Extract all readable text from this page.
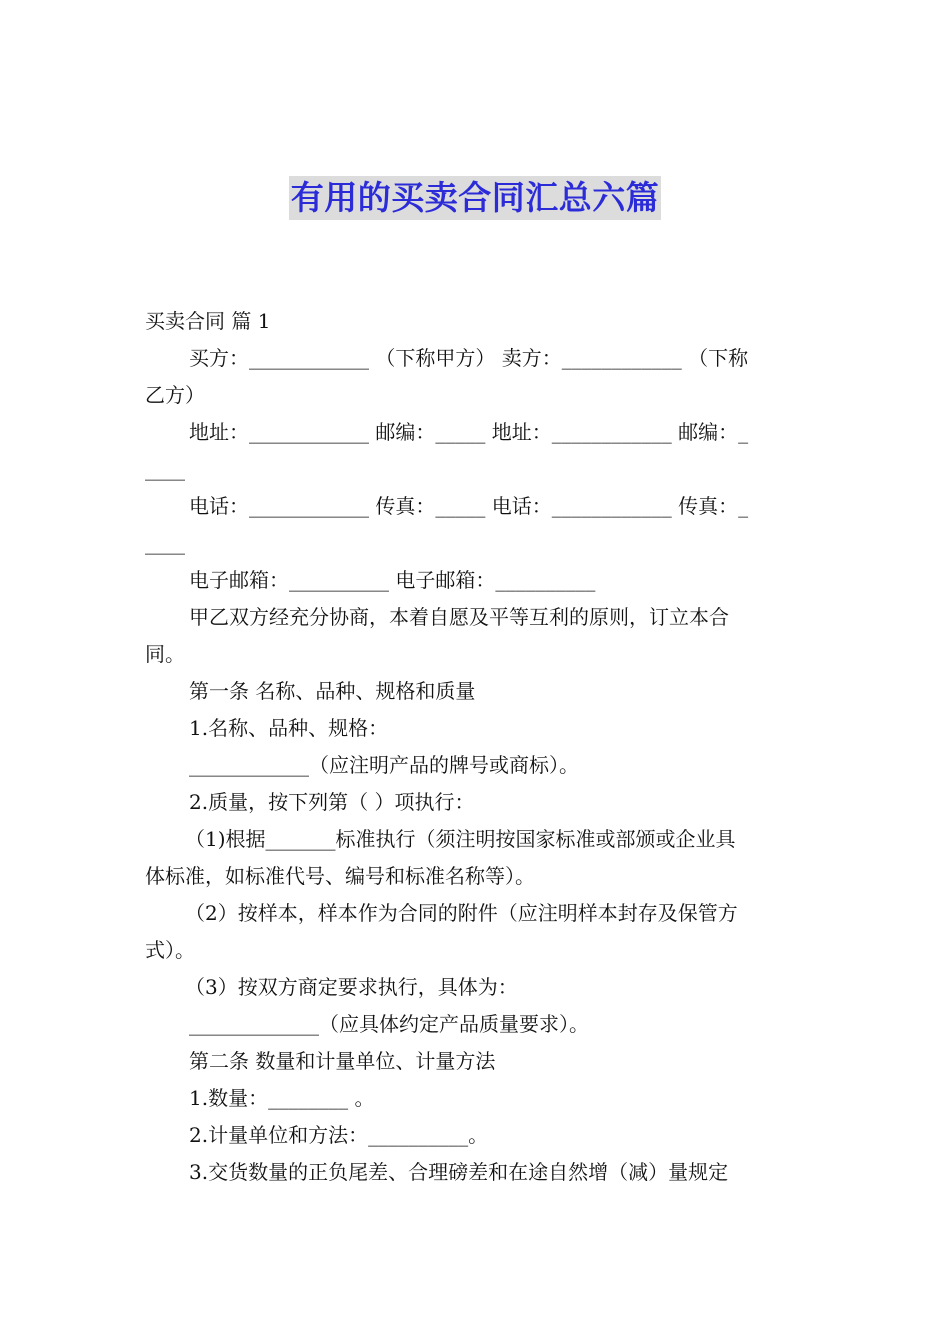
有用的买卖合同汇总六篇
买卖合同 篇 1
买方：____________ （下称甲方） 卖方：____________ （下称
乙方）
地址：____________ 邮编：_____ 地址：____________ 邮编：_
____
电话：____________ 传真：_____ 电话：____________ 传真：_
____
电子邮箱：__________ 电子邮箱：__________
甲乙双方经充分协商，本着自愿及平等互利的原则，订立本合
同。
第一条 名称、品种、规格和质量
1.名称、品种、规格：
____________（应注明产品的牌号或商标）。
2.质量，按下列第（ ）项执行：
（1)根据_______标准执行（须注明按国家标准或部颁或企业具
体标准，如标准代号、编号和标准名称等）。
（2）按样本，样本作为合同的附件（应注明样本封存及保管方
式）。
（3）按双方商定要求执行，具体为：
_____________（应具体约定产品质量要求）。
第二条 数量和计量单位、计量方法
1.数量：________ 。
2.计量单位和方法：__________。
3.交货数量的正负尾差、合理磅差和在途自然增（减）量规定
